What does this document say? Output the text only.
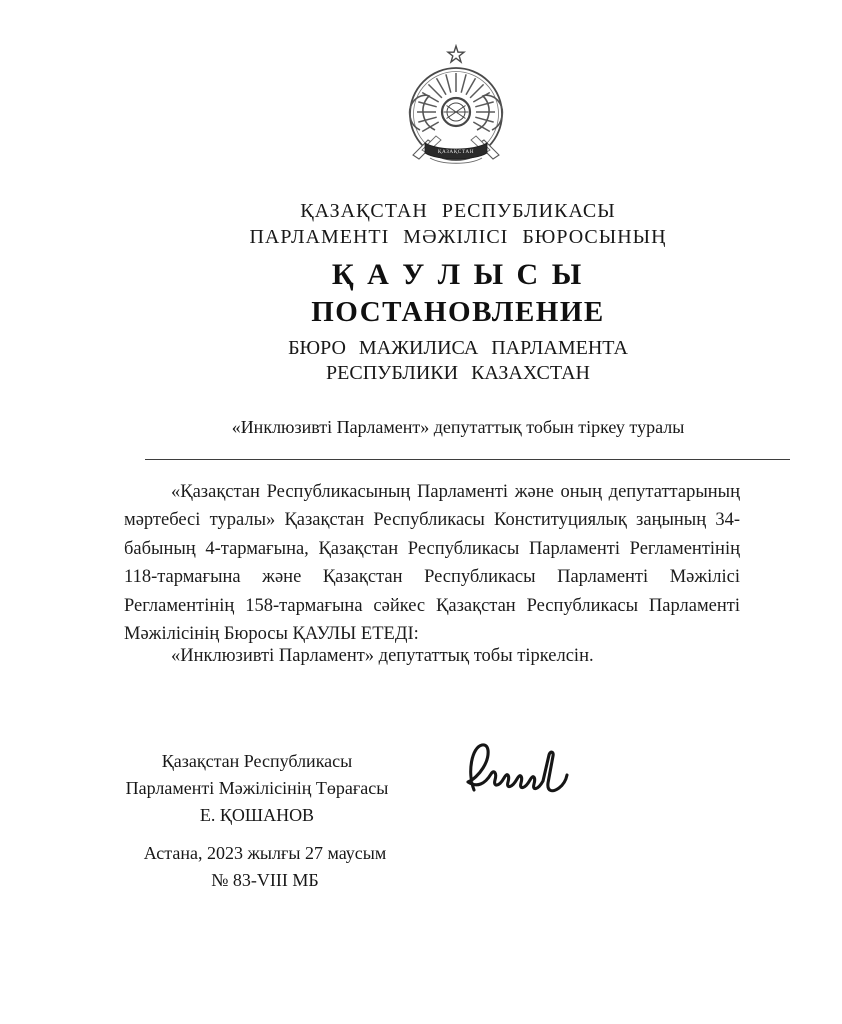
ҚАЗАҚСТАН
ҚАЗАҚСТАН РЕСПУБЛИКАСЫ
ПАРЛАМЕНТІ МӘЖІЛІСІ БЮРОСЫНЫҢ
Қ А У Л Ы С Ы
ПОСТАНОВЛЕНИЕ
БЮРО МАЖИЛИСА ПАРЛАМЕНТА
РЕСПУБЛИКИ КАЗАХСТАН
«Инклюзивті Парламент» депутаттық тобын тіркеу туралы
«Қазақстан Республикасының Парламенті және оның депутаттарының мәртебесі туралы» Қазақстан Республикасы Конституциялық заңының 34-бабының 4-тармағына, Қазақстан Республикасы Парламенті Регламентінің 118-тармағына және Қазақстан Республикасы Парламенті Мәжілісі Регламентінің 158-тармағына сәйкес Қазақстан Республикасы Парламенті Мәжілісінің Бюросы ҚАУЛЫ ЕТЕДІ:
«Инклюзивті Парламент» депутаттық тобы тіркелсін.
Қазақстан Республикасы
Парламенті Мәжілісінің Төрағасы
Е. ҚОШАНОВ
Астана, 2023 жылғы 27 маусым
№ 83-VIII МБ
